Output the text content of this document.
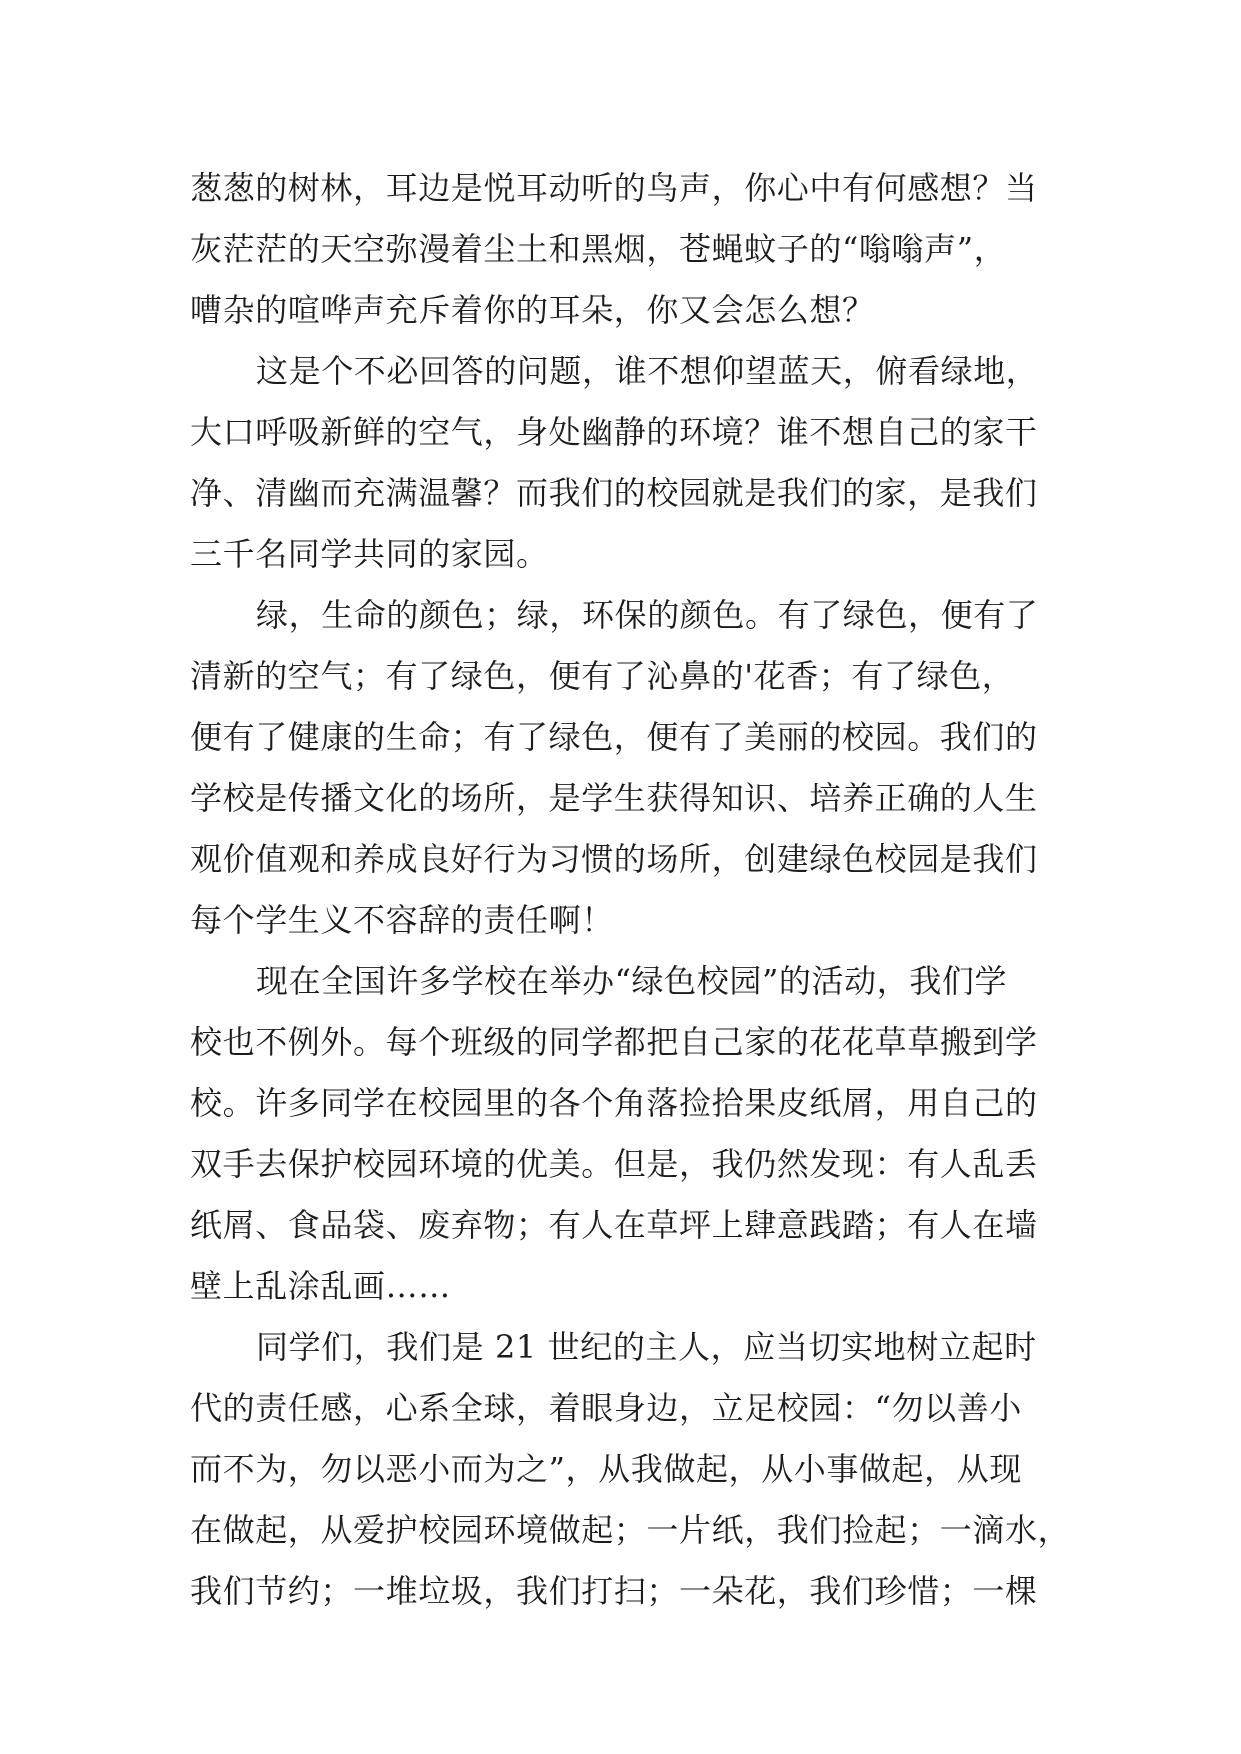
葱葱的树林，耳边是悦耳动听的鸟声，你心中有何感想？当
灰茫茫的天空弥漫着尘土和黑烟，苍蝇蚊子的“嗡嗡声”，
嘈杂的喧哗声充斥着你的耳朵，你又会怎么想？
这是个不必回答的问题，谁不想仰望蓝天，俯看绿地，
大口呼吸新鲜的空气，身处幽静的环境？谁不想自己的家干
净、清幽而充满温馨？而我们的校园就是我们的家，是我们
三千名同学共同的家园。
绿，生命的颜色；绿，环保的颜色。有了绿色，便有了
清新的空气；有了绿色，便有了沁鼻的'花香；有了绿色，
便有了健康的生命；有了绿色，便有了美丽的校园。我们的
学校是传播文化的场所，是学生获得知识、培养正确的人生
观价值观和养成良好行为习惯的场所，创建绿色校园是我们
每个学生义不容辞的责任啊！
现在全国许多学校在举办“绿色校园”的活动，我们学
校也不例外。每个班级的同学都把自己家的花花草草搬到学
校。许多同学在校园里的各个角落捡拾果皮纸屑，用自己的
双手去保护校园环境的优美。但是，我仍然发现：有人乱丢
纸屑、食品袋、废弃物；有人在草坪上肆意践踏；有人在墙
壁上乱涂乱画……
同学们，我们是 21 世纪的主人，应当切实地树立起时
代的责任感，心系全球，着眼身边，立足校园：“勿以善小
而不为，勿以恶小而为之”，从我做起，从小事做起，从现
在做起，从爱护校园环境做起；一片纸，我们捡起；一滴水，
我们节约；一堆垃圾，我们打扫；一朵花，我们珍惜；一棵
